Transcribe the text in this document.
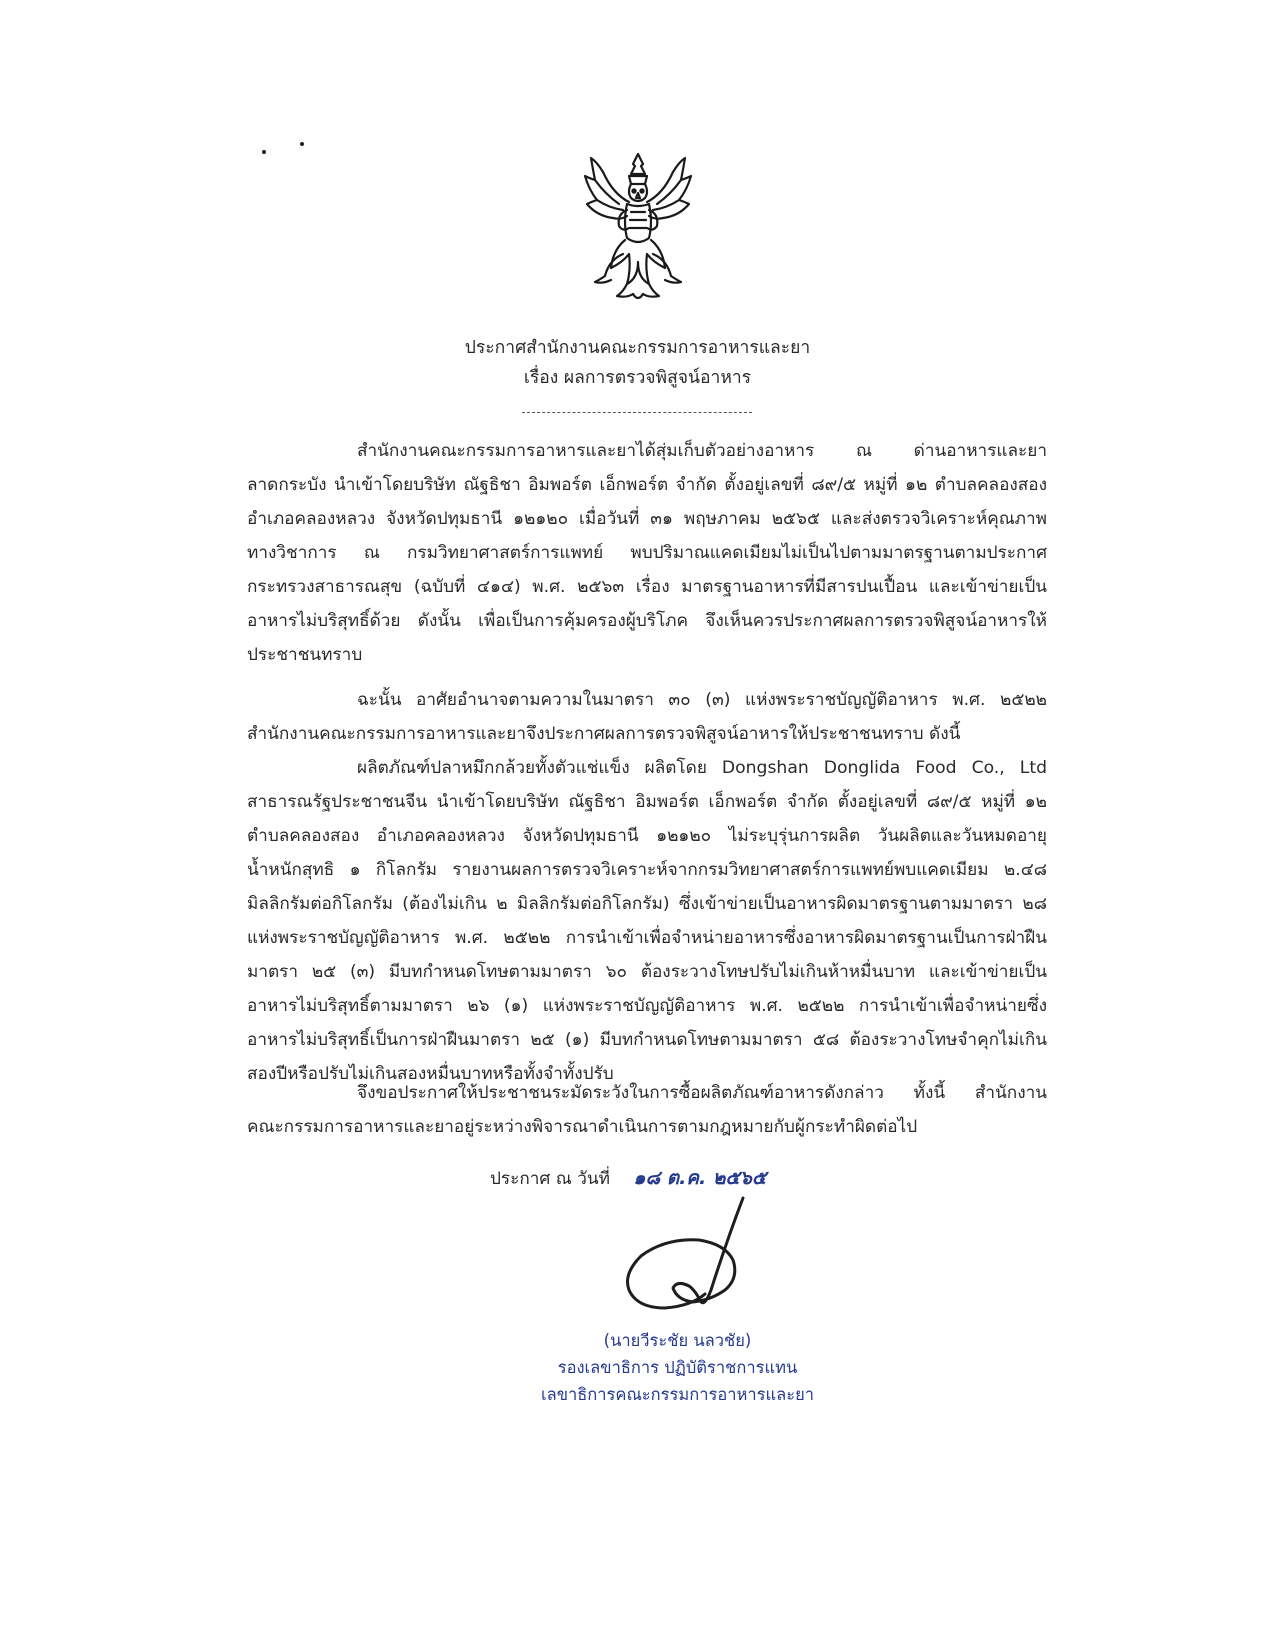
ประกาศสำนักงานคณะกรรมการอาหารและยา
เรื่อง ผลการตรวจพิสูจน์อาหาร

สำนักงานคณะกรรมการอาหารและยาได้สุ่มเก็บตัวอย่างอาหาร ณ ด่านอาหารและยา
ลาดกระบัง นำเข้าโดยบริษัท ณัฐธิชา อิมพอร์ต เอ็กพอร์ต จำกัด ตั้งอยู่เลขที่ ๘๙/๕ หมู่ที่ ๑๒ ตำบลคลองสอง
อำเภอคลองหลวง จังหวัดปทุมธานี ๑๒๑๒๐ เมื่อวันที่ ๓๑ พฤษภาคม ๒๕๖๕ และส่งตรวจวิเคราะห์คุณภาพ
ทางวิชาการ ณ กรมวิทยาศาสตร์การแพทย์ พบปริมาณแคดเมียมไม่เป็นไปตามมาตรฐานตามประกาศ
กระทรวงสาธารณสุข (ฉบับที่ ๔๑๔) พ.ศ. ๒๕๖๓ เรื่อง มาตรฐานอาหารที่มีสารปนเปื้อน และเข้าข่ายเป็น
อาหารไม่บริสุทธิ์ด้วย ดังนั้น เพื่อเป็นการคุ้มครองผู้บริโภค จึงเห็นควรประกาศผลการตรวจพิสูจน์อาหารให้
ประชาชนทราบ

ฉะนั้น อาศัยอำนาจตามความในมาตรา ๓๐ (๓) แห่งพระราชบัญญัติอาหาร พ.ศ. ๒๕๒๒
สำนักงานคณะกรรมการอาหารและยาจึงประกาศผลการตรวจพิสูจน์อาหารให้ประชาชนทราบ ดังนี้

ผลิตภัณฑ์ปลาหมึกกล้วยทั้งตัวแช่แข็ง ผลิตโดย Dongshan Donglida Food Co., Ltd
สาธารณรัฐประชาชนจีน นำเข้าโดยบริษัท ณัฐธิชา อิมพอร์ต เอ็กพอร์ต จำกัด ตั้งอยู่เลขที่ ๘๙/๕ หมู่ที่ ๑๒
ตำบลคลองสอง อำเภอคลองหลวง จังหวัดปทุมธานี ๑๒๑๒๐ ไม่ระบุรุ่นการผลิต วันผลิตและวันหมดอายุ
น้ำหนักสุทธิ ๑ กิโลกรัม รายงานผลการตรวจวิเคราะห์จากกรมวิทยาศาสตร์การแพทย์พบแคดเมียม ๒.๔๘
มิลลิกรัมต่อกิโลกรัม (ต้องไม่เกิน ๒ มิลลิกรัมต่อกิโลกรัม) ซึ่งเข้าข่ายเป็นอาหารผิดมาตรฐานตามมาตรา ๒๘
แห่งพระราชบัญญัติอาหาร พ.ศ. ๒๕๒๒ การนำเข้าเพื่อจำหน่ายอาหารซึ่งอาหารผิดมาตรฐานเป็นการฝ่าฝืน
มาตรา ๒๕ (๓) มีบทกำหนดโทษตามมาตรา ๖๐ ต้องระวางโทษปรับไม่เกินห้าหมื่นบาท และเข้าข่ายเป็น
อาหารไม่บริสุทธิ์ตามมาตรา ๒๖ (๑) แห่งพระราชบัญญัติอาหาร พ.ศ. ๒๕๒๒ การนำเข้าเพื่อจำหน่ายซึ่ง
อาหารไม่บริสุทธิ์เป็นการฝ่าฝืนมาตรา ๒๕ (๑) มีบทกำหนดโทษตามมาตรา ๕๘ ต้องระวางโทษจำคุกไม่เกิน
สองปีหรือปรับไม่เกินสองหมื่นบาทหรือทั้งจำทั้งปรับ

จึงขอประกาศให้ประชาชนระมัดระวังในการซื้อผลิตภัณฑ์อาหารดังกล่าว ทั้งนี้ สำนักงาน
คณะกรรมการอาหารและยาอยู่ระหว่างพิจารณาดำเนินการตามกฎหมายกับผู้กระทำผิดต่อไป

ประกาศ ณ วันที่ ๑๘ ต.ค. ๒๕๖๕
(นายวีระชัย นลวชัย)
รองเลขาธิการ ปฏิบัติราชการแทน
เลขาธิการคณะกรรมการอาหารและยา
